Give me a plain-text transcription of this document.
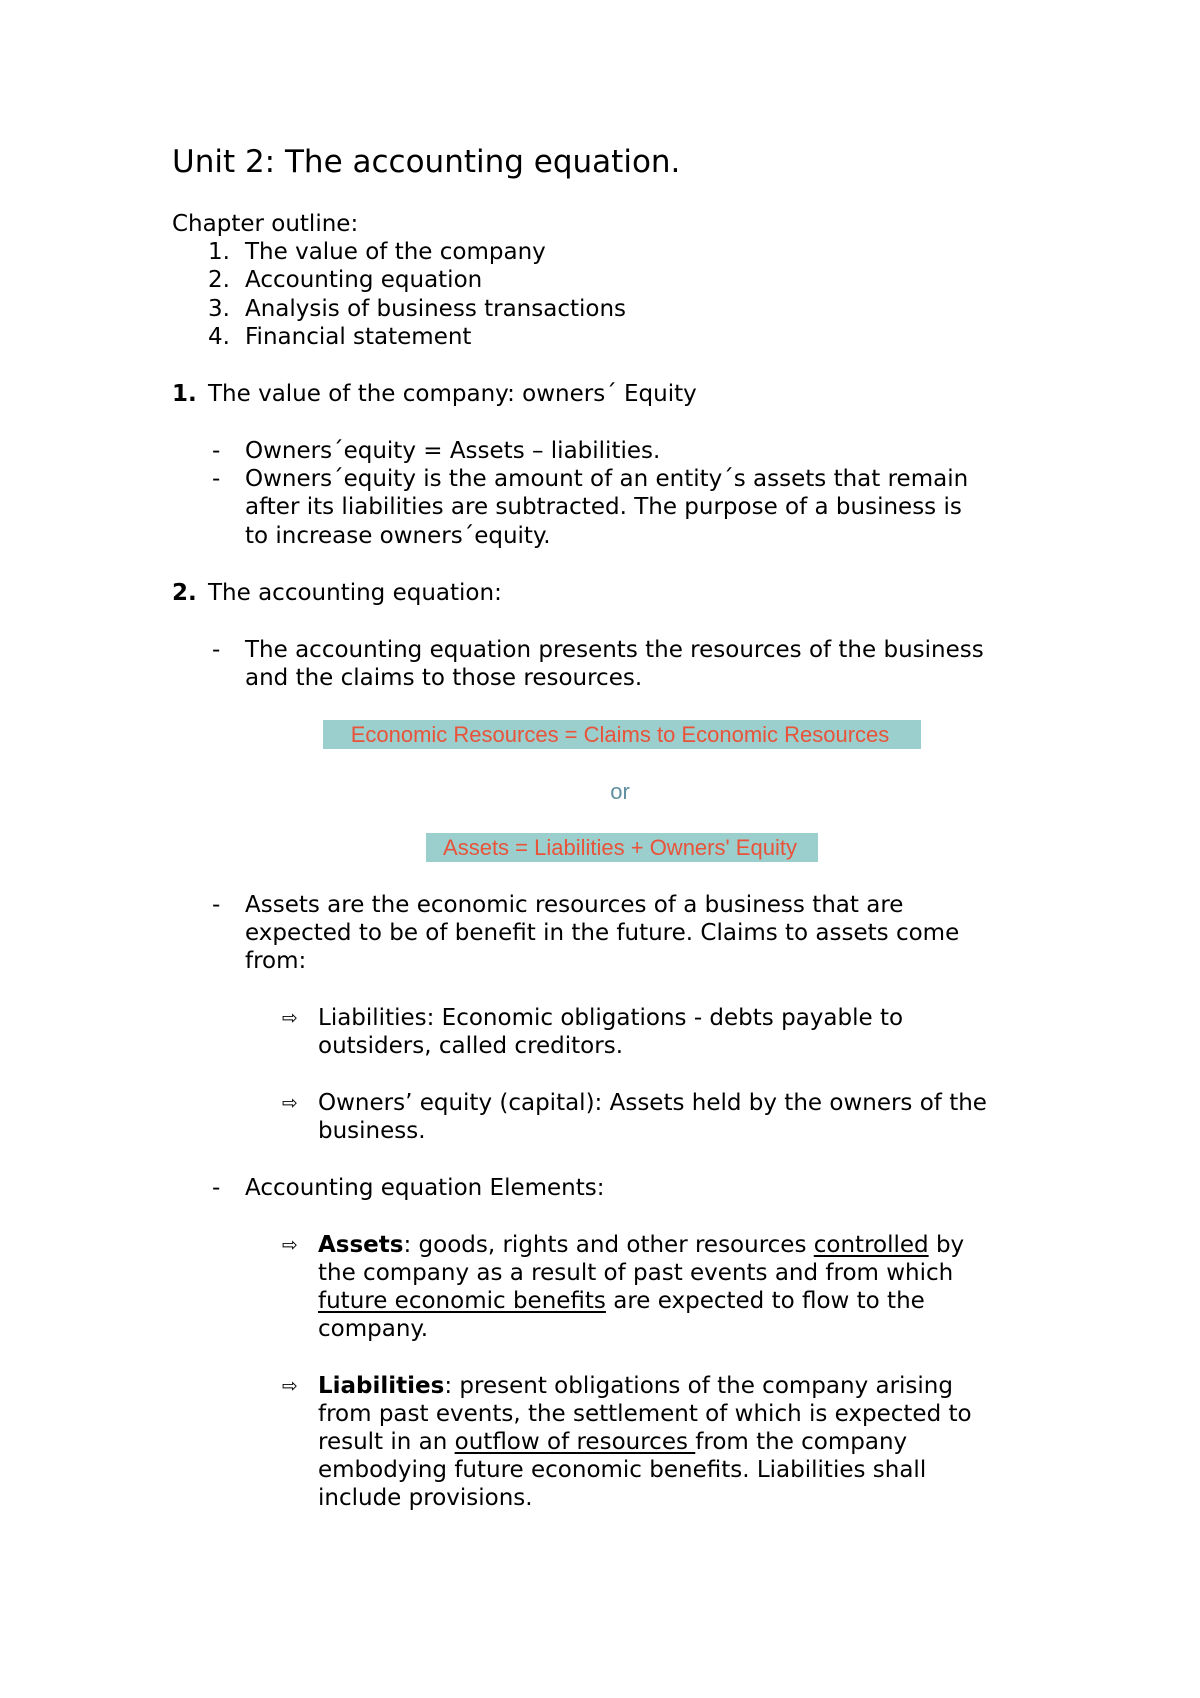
Unit 2: The accounting equation.
Chapter outline:
1. The value of the company
2. Accounting equation
3. Analysis of business transactions
4. Financial statement
1. The value of the company: owners´ Equity
- Owners´equity = Assets – liabilities.
- Owners´equity is the amount of an entity´s assets that remain
after its liabilities are subtracted. The purpose of a business is
to increase owners´equity.
2. The accounting equation:
- The accounting equation presents the resources of the business
and the claims to those resources.
Economic Resources = Claims to Economic Resources
or
Assets = Liabilities + Owners' Equity
- Assets are the economic resources of a business that are
expected to be of benefit in the future. Claims to assets come
from:
⇨ Liabilities: Economic obligations - debts payable to
outsiders, called creditors.
⇨ Owners’ equity (capital): Assets held by the owners of the
business.
- Accounting equation Elements:
⇨ Assets: goods, rights and other resources controlled by
the company as a result of past events and from which
future economic benefits are expected to flow to the
company.
⇨ Liabilities: present obligations of the company arising
from past events, the settlement of which is expected to
result in an outflow of resources from the company
embodying future economic benefits. Liabilities shall
include provisions.
